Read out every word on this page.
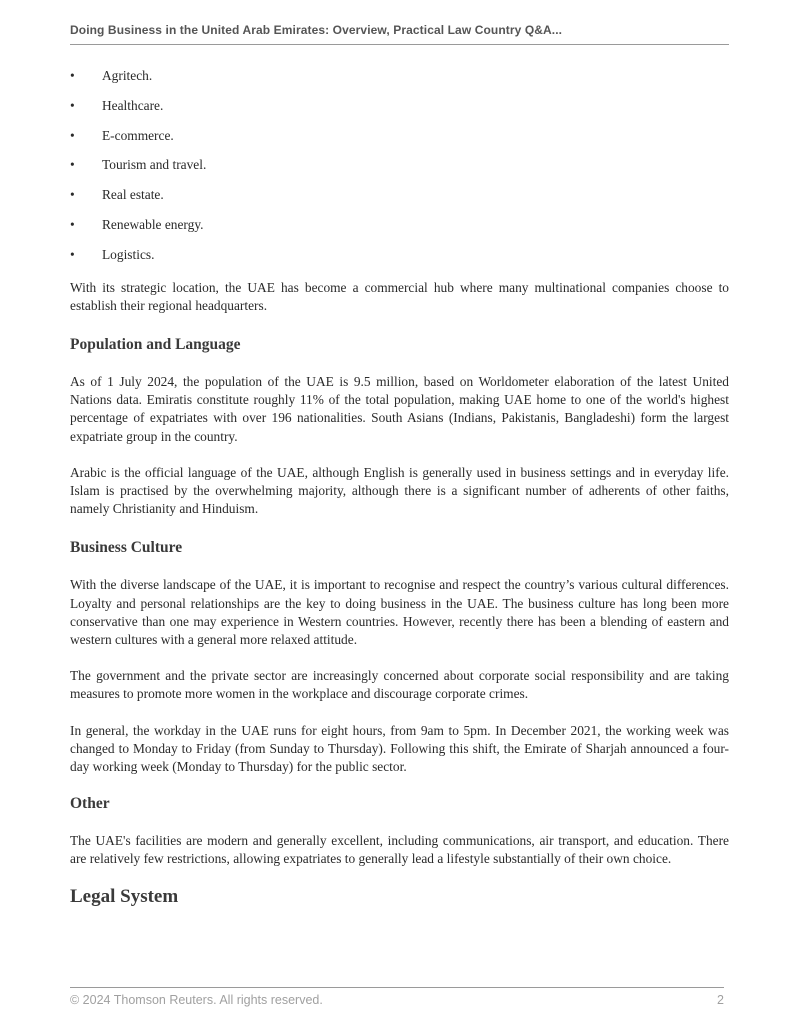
Doing Business in the United Arab Emirates: Overview, Practical Law Country Q&A...
•	Agritech.
•	Healthcare.
•	E-commerce.
•	Tourism and travel.
•	Real estate.
•	Renewable energy.
•	Logistics.

With its strategic location, the UAE has become a commercial hub where many multinational companies choose to establish their regional headquarters.

Population and Language

As of 1 July 2024, the population of the UAE is 9.5 million, based on Worldometer elaboration of the latest United Nations data. Emiratis constitute roughly 11% of the total population, making UAE home to one of the world's highest percentage of expatriates with over 196 nationalities. South Asians (Indians, Pakistanis, Bangladeshi) form the largest expatriate group in the country.

Arabic is the official language of the UAE, although English is generally used in business settings and in everyday life. Islam is practised by the overwhelming majority, although there is a significant number of adherents of other faiths, namely Christianity and Hinduism.

Business Culture

With the diverse landscape of the UAE, it is important to recognise and respect the country’s various cultural differences. Loyalty and personal relationships are the key to doing business in the UAE. The business culture has long been more conservative than one may experience in Western countries. However, recently there has been a blending of eastern and western cultures with a general more relaxed attitude.

The government and the private sector are increasingly concerned about corporate social responsibility and are taking measures to promote more women in the workplace and discourage corporate crimes.

In general, the workday in the UAE runs for eight hours, from 9am to 5pm. In December 2021, the working week was changed to Monday to Friday (from Sunday to Thursday). Following this shift, the Emirate of Sharjah announced a four-day working week (Monday to Thursday) for the public sector.

Other

The UAE's facilities are modern and generally excellent, including communications, air transport, and education. There are relatively few restrictions, allowing expatriates to generally lead a lifestyle substantially of their own choice.

Legal System
© 2024 Thomson Reuters. All rights reserved.	2
